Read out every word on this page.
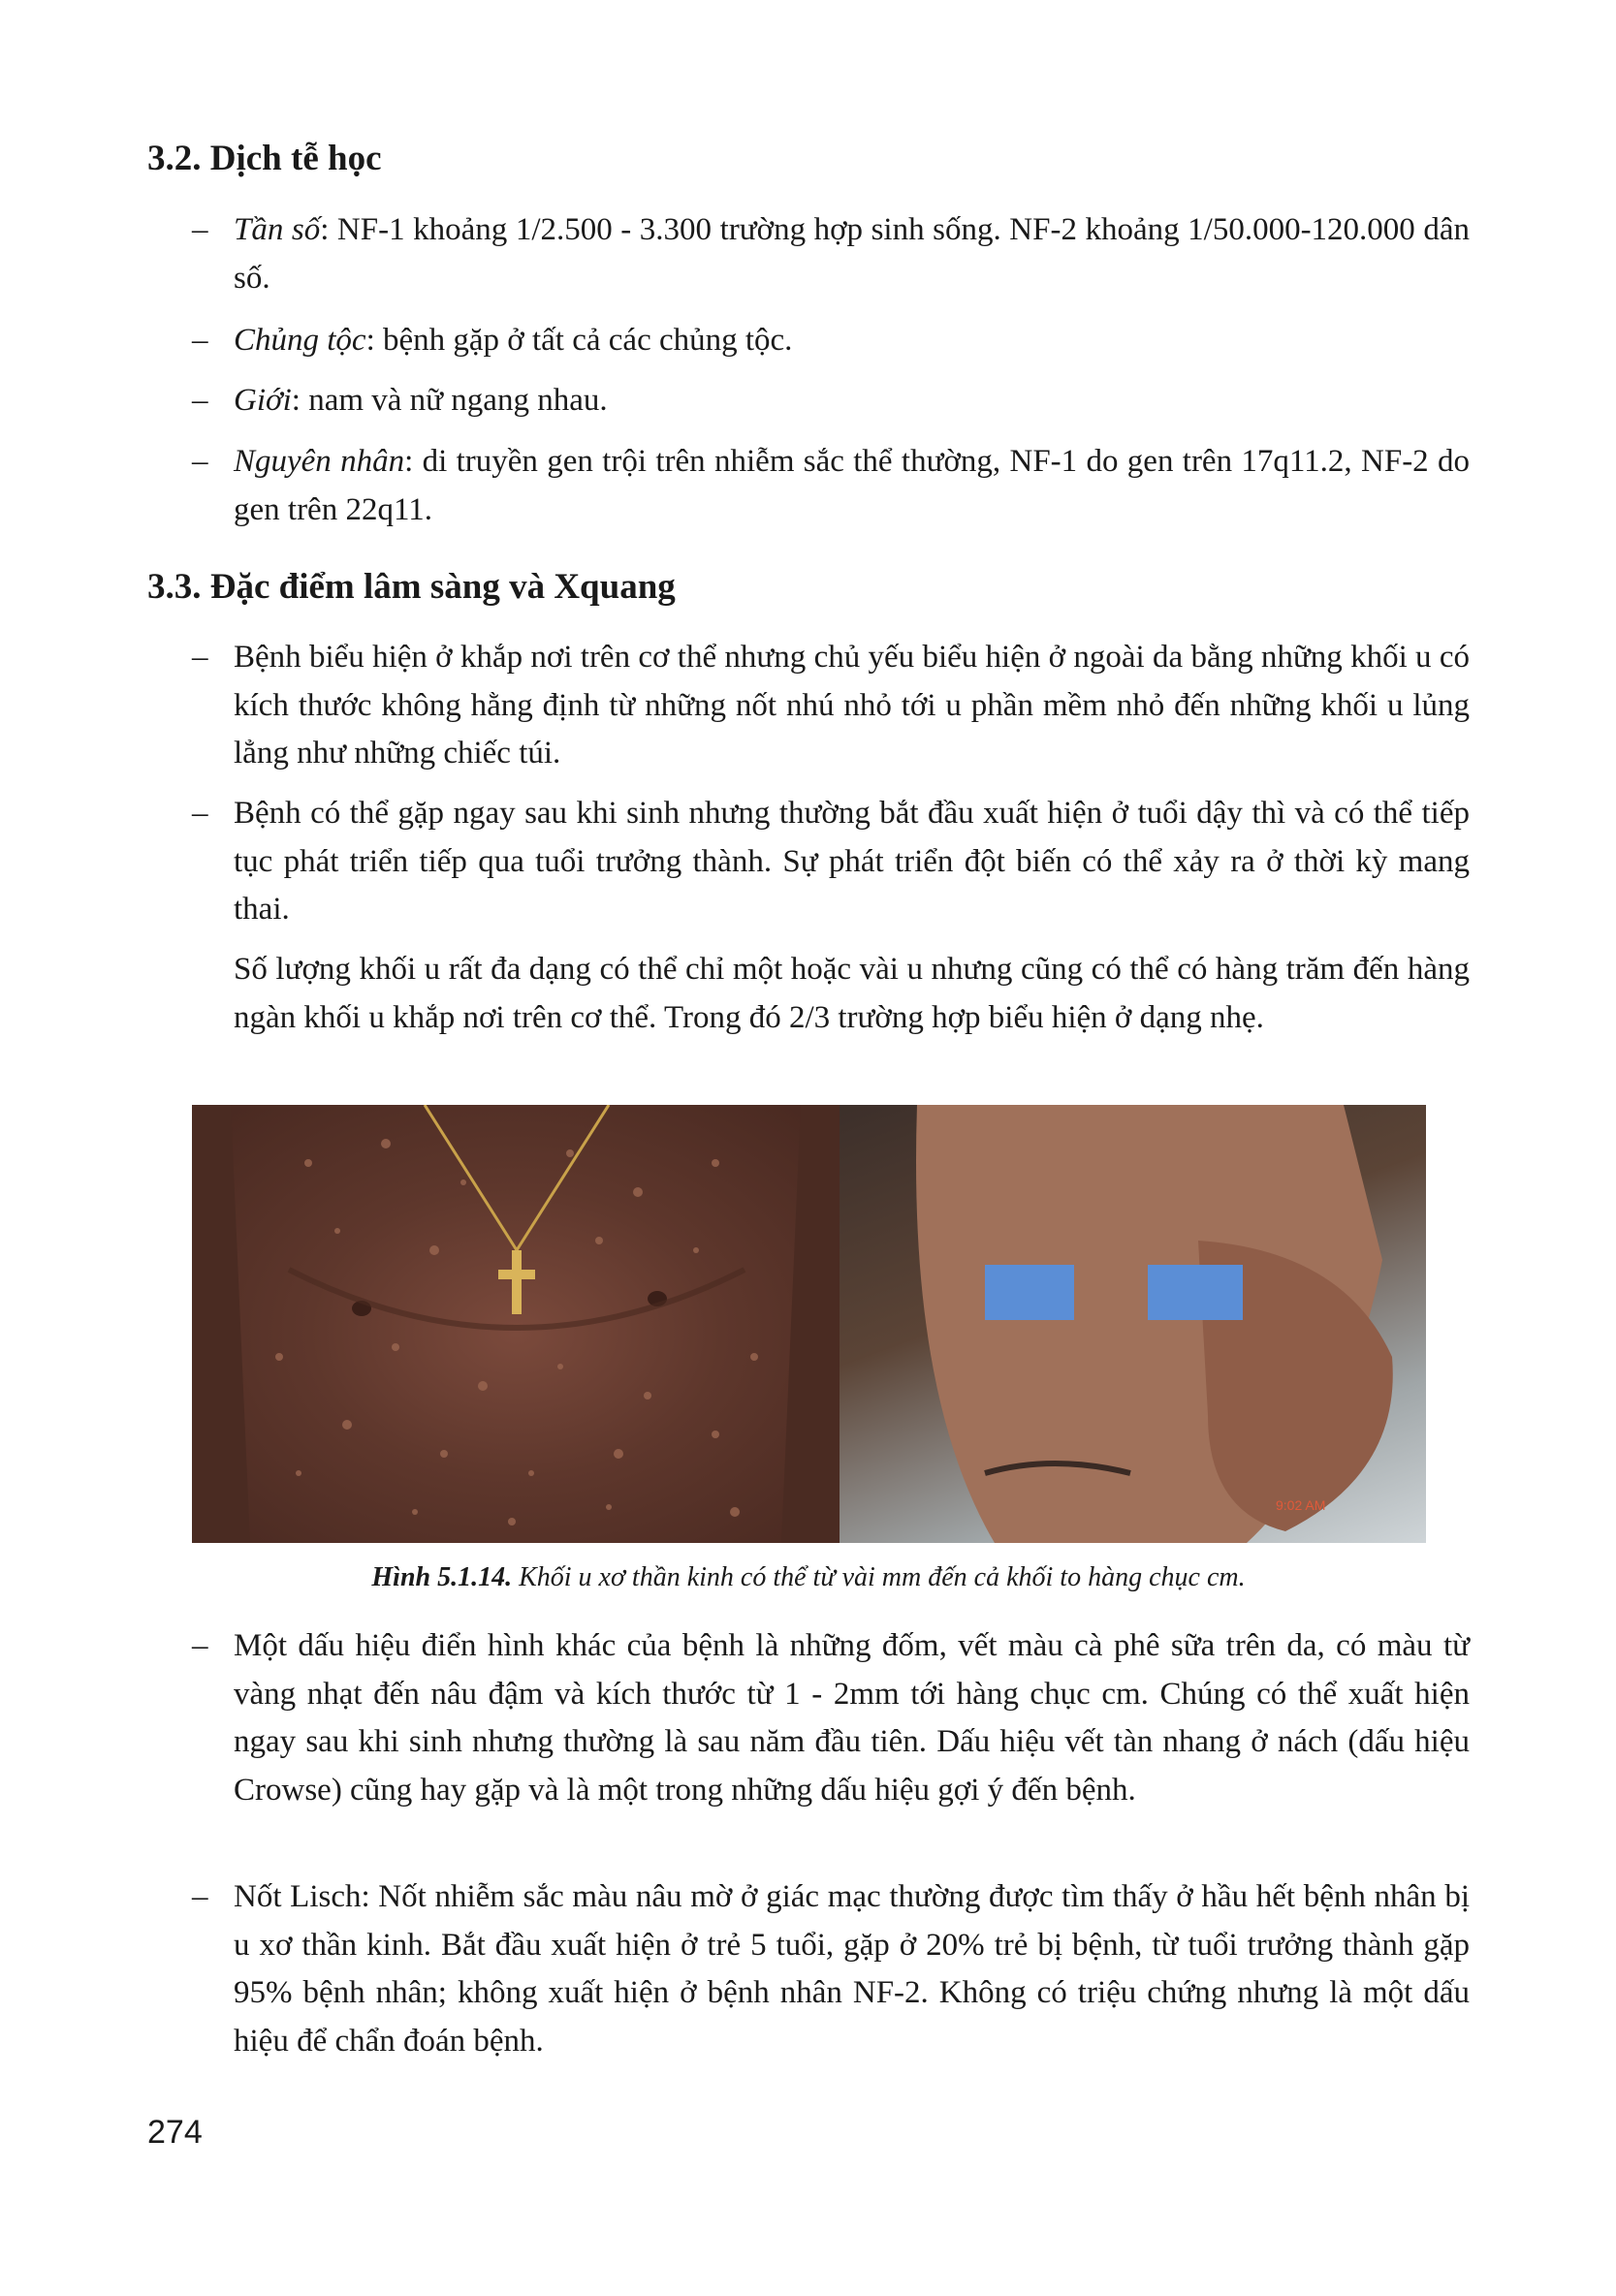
3.2. Dịch tễ học
– Tần số: NF-1 khoảng 1/2.500 - 3.300 trường hợp sinh sống. NF-2 khoảng 1/50.000-120.000 dân số.

– Chủng tộc: bệnh gặp ở tất cả các chủng tộc.

– Giới: nam và nữ ngang nhau.

– Nguyên nhân: di truyền gen trội trên nhiễm sắc thể thường, NF-1 do gen trên 17q11.2, NF-2 do gen trên 22q11.

3.3. Đặc điểm lâm sàng và Xquang
– Bệnh biểu hiện ở khắp nơi trên cơ thể nhưng chủ yếu biểu hiện ở ngoài da bằng những khối u có kích thước không hằng định từ những nốt nhú nhỏ tới u phần mềm nhỏ đến những khối u lủng lẳng như những chiếc túi.

– Bệnh có thể gặp ngay sau khi sinh nhưng thường bắt đầu xuất hiện ở tuổi dậy thì và có thể tiếp tục phát triển tiếp qua tuổi trưởng thành. Sự phát triển đột biến có thể xảy ra ở thời kỳ mang thai.

Số lượng khối u rất đa dạng có thể chỉ một hoặc vài u nhưng cũng có thể có hàng trăm đến hàng ngàn khối u khắp nơi trên cơ thể. Trong đó 2/3 trường hợp biểu hiện ở dạng nhẹ.

9:02 AM
Hình 5.1.14. Khối u xơ thần kinh có thể từ vài mm đến cả khối to hàng chục cm.
– Một dấu hiệu điển hình khác của bệnh là những đốm, vết màu cà phê sữa trên da, có màu từ vàng nhạt đến nâu đậm và kích thước từ 1 - 2mm tới hàng chục cm. Chúng có thể xuất hiện ngay sau khi sinh nhưng thường là sau năm đầu tiên. Dấu hiệu vết tàn nhang ở nách (dấu hiệu Crowse) cũng hay gặp và là một trong những dấu hiệu gợi ý đến bệnh.

– Nốt Lisch: Nốt nhiễm sắc màu nâu mờ ở giác mạc thường được tìm thấy ở hầu hết bệnh nhân bị u xơ thần kinh. Bắt đầu xuất hiện ở trẻ 5 tuổi, gặp ở 20% trẻ bị bệnh, từ tuổi trưởng thành gặp 95% bệnh nhân; không xuất hiện ở bệnh nhân NF-2. Không có triệu chứng nhưng là một dấu hiệu để chẩn đoán bệnh.

274
